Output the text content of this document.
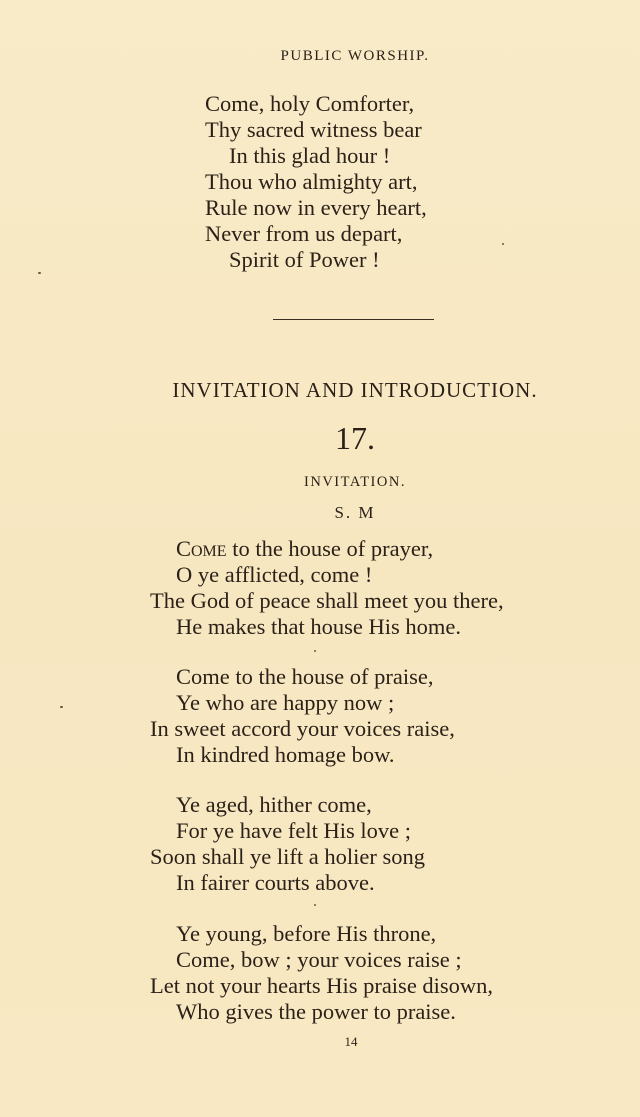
PUBLIC WORSHIP.
Come, holy Comforter,
Thy sacred witness bear
In this glad hour !
Thou who almighty art,
Rule now in every heart,
Never from us depart,
Spirit of Power !
INVITATION AND INTRODUCTION.
17.
INVITATION.
S. M
Come to the house of prayer,
O ye afflicted, come !
The God of peace shall meet you there,
He makes that house His home.
Come to the house of praise,
Ye who are happy now ;
In sweet accord your voices raise,
In kindred homage bow.
Ye aged, hither come,
For ye have felt His love ;
Soon shall ye lift a holier song
In fairer courts above.
Ye young, before His throne,
Come, bow ; your voices raise ;
Let not your hearts His praise disown,
Who gives the power to praise.
14
